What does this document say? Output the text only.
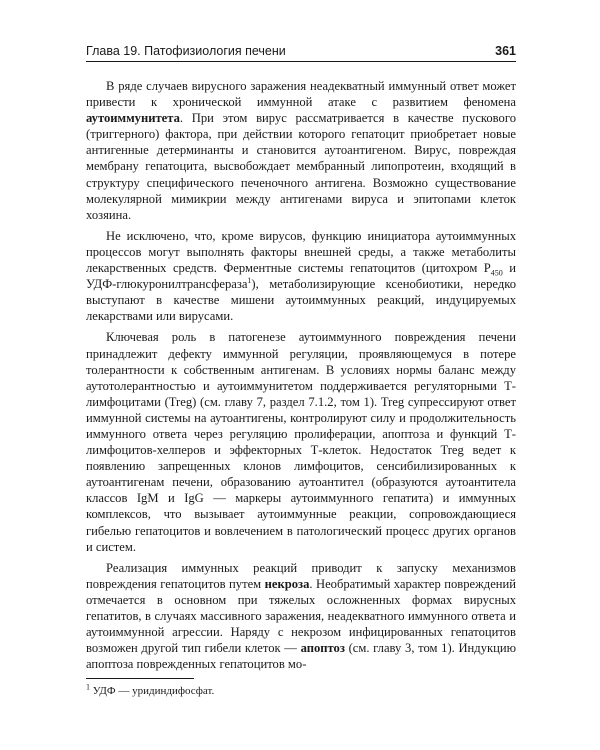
Глава 19. Патофизиология печени	361

В ряде случаев вирусного заражения неадекватный иммунный ответ может привести к хронической иммунной атаке с развитием феномена аутоиммунитета. При этом вирус рассматривается в качестве пускового (триггерного) фактора, при действии которого гепатоцит приобретает новые антигенные детерминанты и становится аутоантигеном. Вирус, повреждая мембрану гепатоцита, высвобождает мембранный липопротеин, входящий в структуру специфического печеночного антигена. Возможно существование молекулярной мимикрии между антигенами вируса и эпитопами клеток хозяина.

Не исключено, что, кроме вирусов, функцию инициатора аутоиммунных процессов могут выполнять факторы внешней среды, а также метаболиты лекарственных средств. Ферментные системы гепатоцитов (цитохром $P_{450}$ и УДФ-глюкуронилтрансфераза$^1$), метаболизирующие ксенобиотики, нередко выступают в качестве мишени аутоиммунных реакций, индуцируемых лекарствами или вирусами.

Ключевая роль в патогенезе аутоиммунного повреждения печени принадлежит дефекту иммунной регуляции, проявляющемуся в потере толерантности к собственным антигенам. В условиях нормы баланс между аутотолерантностью и аутоиммунитетом поддерживается регуляторными Т-лимфоцитами (Treg) (см. главу 7, раздел 7.1.2, том 1). Treg супрессируют ответ иммунной системы на аутоантигены, контролируют силу и продолжительность иммунного ответа через регуляцию пролиферации, апоптоза и функций Т-лимфоцитов-хелперов и эффекторных Т-клеток. Недостаток Treg ведет к появлению запрещенных клонов лимфоцитов, сенсибилизированных к аутоантигенам печени, образованию аутоантител (образуются аутоантитела классов IgM и IgG — маркеры аутоиммунного гепатита) и иммунных комплексов, что вызывает аутоиммунные реакции, сопровождающиеся гибелью гепатоцитов и вовлечением в патологический процесс других органов и систем.

Реализация иммунных реакций приводит к запуску механизмов повреждения гепатоцитов путем некроза. Необратимый характер повреждений отмечается в основном при тяжелых осложненных формах вирусных гепатитов, в случаях массивного заражения, неадекватного иммунного ответа и аутоиммунной агрессии. Наряду с некрозом инфицированных гепатоцитов возможен другой тип гибели клеток — апоптоз (см. главу 3, том 1). Индукцию апоптоза поврежденных гепатоцитов мо-

$^1$ УДФ — уридиндифосфат.
